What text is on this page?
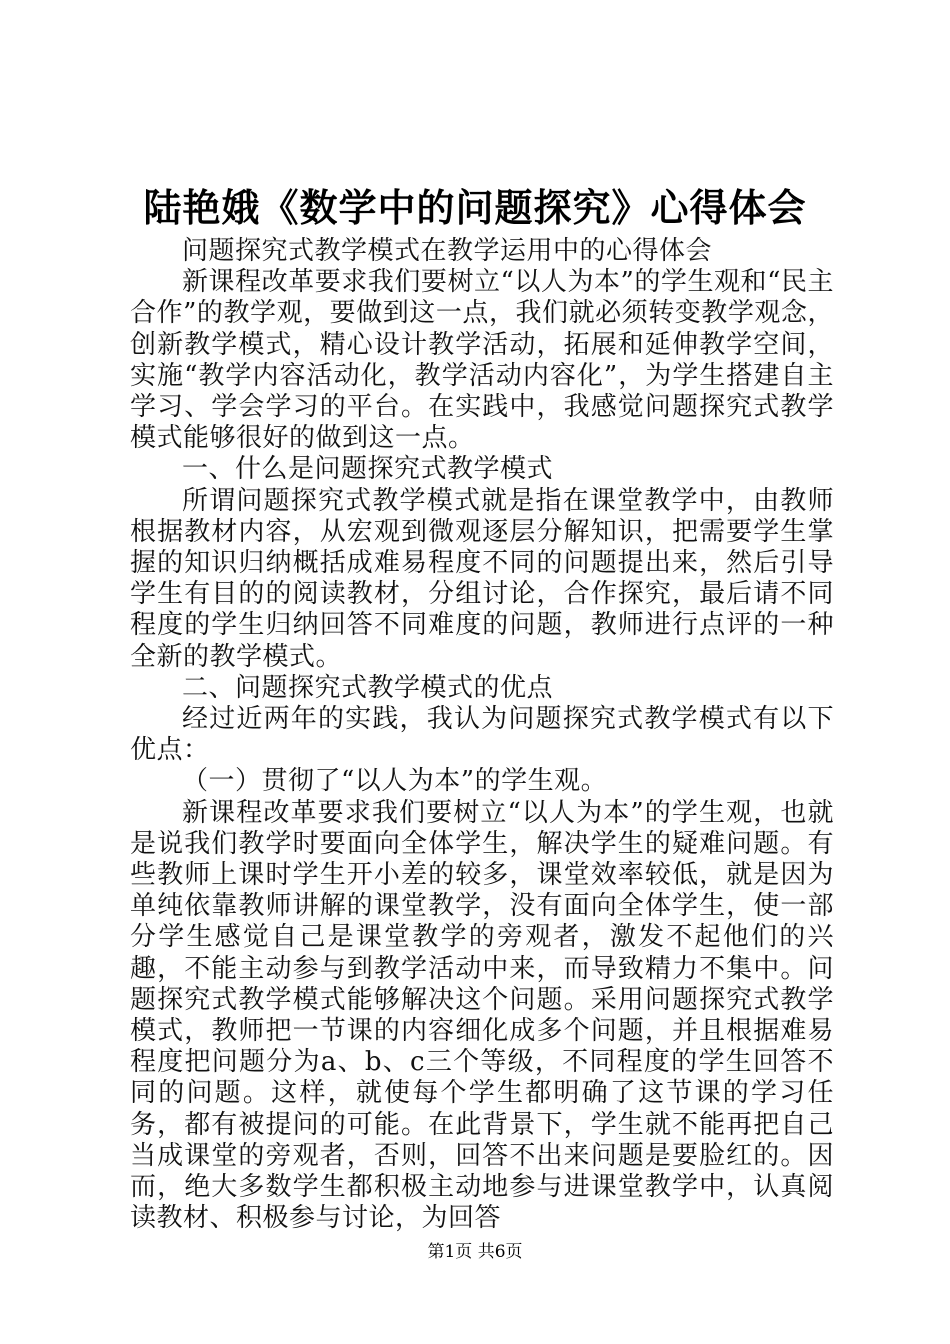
陆艳娥《数学中的问题探究》心得体会

问题探究式教学模式在教学运用中的心得体会

新课程改革要求我们要树立“以人为本”的学生观和“民主合作”的教学观，要做到这一点，我们就必须转变教学观念，创新教学模式，精心设计教学活动，拓展和延伸教学空间，实施“教学内容活动化，教学活动内容化”，为学生搭建自主学习、学会学习的平台。在实践中，我感觉问题探究式教学模式能够很好的做到这一点。

一、什么是问题探究式教学模式

所谓问题探究式教学模式就是指在课堂教学中，由教师根据教材内容，从宏观到微观逐层分解知识，把需要学生掌握的知识归纳概括成难易程度不同的问题提出来，然后引导学生有目的的阅读教材，分组讨论，合作探究，最后请不同程度的学生归纳回答不同难度的问题，教师进行点评的一种全新的教学模式。

二、问题探究式教学模式的优点

经过近两年的实践，我认为问题探究式教学模式有以下优点：

（一）贯彻了“以人为本”的学生观。

新课程改革要求我们要树立“以人为本”的学生观，也就是说我们教学时要面向全体学生，解决学生的疑难问题。有些教师上课时学生开小差的较多，课堂效率较低，就是因为单纯依靠教师讲解的课堂教学，没有面向全体学生，使一部分学生感觉自己是课堂教学的旁观者，激发不起他们的兴趣，不能主动参与到教学活动中来，而导致精力不集中。问题探究式教学模式能够解决这个问题。采用问题探究式教学模式，教师把一节课的内容细化成多个问题，并且根据难易程度把问题分为a、b、c三个等级，不同程度的学生回答不同的问题。这样，就使每个学生都明确了这节课的学习任务，都有被提问的可能。在此背景下，学生就不能再把自己当成课堂的旁观者，否则，回答不出来问题是要脸红的。因而，绝大多数学生都积极主动地参与进课堂教学中，认真阅读教材、积极参与讨论，为回答

第1页 共6页
